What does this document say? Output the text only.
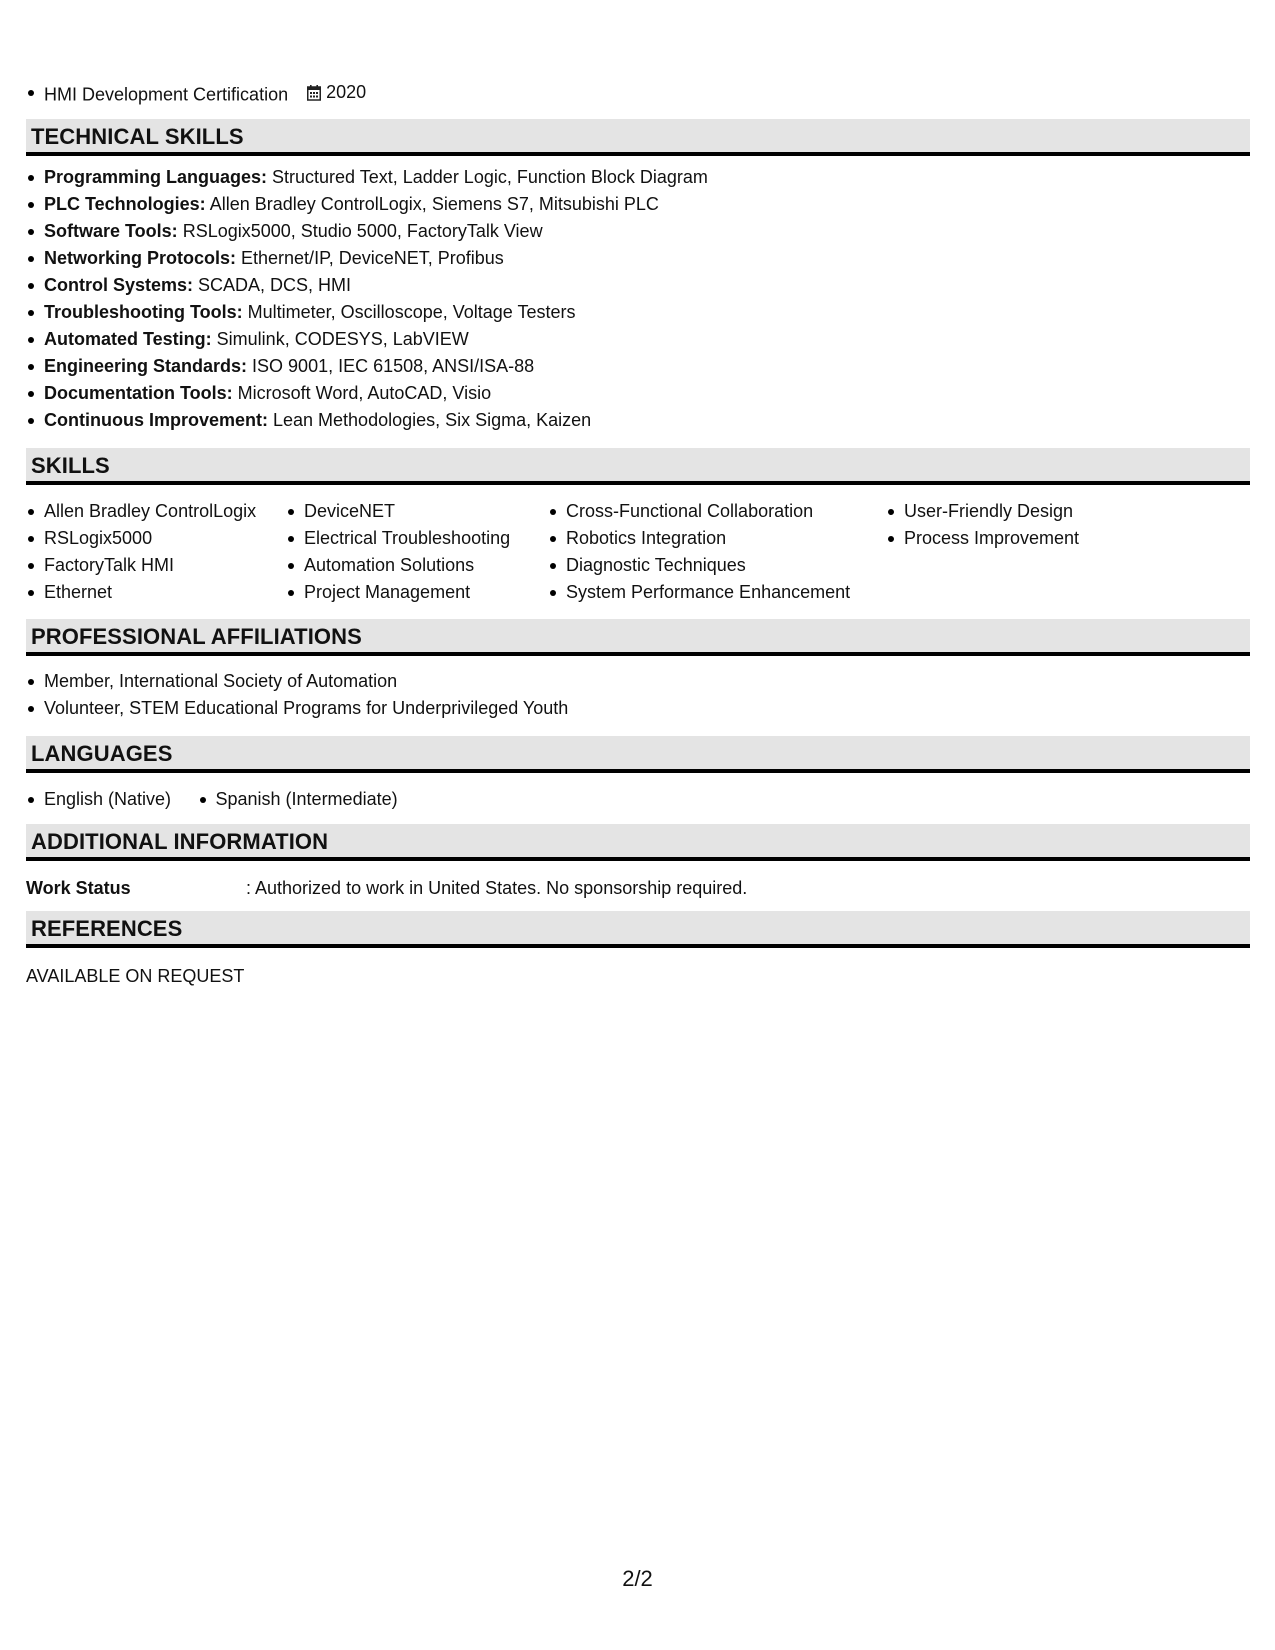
HMI Development Certification 2020
TECHNICAL SKILLS
Programming Languages: Structured Text, Ladder Logic, Function Block Diagram
PLC Technologies: Allen Bradley ControlLogix, Siemens S7, Mitsubishi PLC
Software Tools: RSLogix5000, Studio 5000, FactoryTalk View
Networking Protocols: Ethernet/IP, DeviceNET, Profibus
Control Systems: SCADA, DCS, HMI
Troubleshooting Tools: Multimeter, Oscilloscope, Voltage Testers
Automated Testing: Simulink, CODESYS, LabVIEW
Engineering Standards: ISO 9001, IEC 61508, ANSI/ISA-88
Documentation Tools: Microsoft Word, AutoCAD, Visio
Continuous Improvement: Lean Methodologies, Six Sigma, Kaizen
SKILLS
Allen Bradley ControlLogix
RSLogix5000
FactoryTalk HMI
Ethernet
DeviceNET
Electrical Troubleshooting
Automation Solutions
Project Management
Cross-Functional Collaboration
Robotics Integration
Diagnostic Techniques
System Performance Enhancement
User-Friendly Design
Process Improvement
PROFESSIONAL AFFILIATIONS
Member, International Society of Automation
Volunteer, STEM Educational Programs for Underprivileged Youth
LANGUAGES
English (Native) Spanish (Intermediate)
ADDITIONAL INFORMATION
Work Status	: Authorized to work in United States. No sponsorship required.
REFERENCES
AVAILABLE ON REQUEST
2/2
